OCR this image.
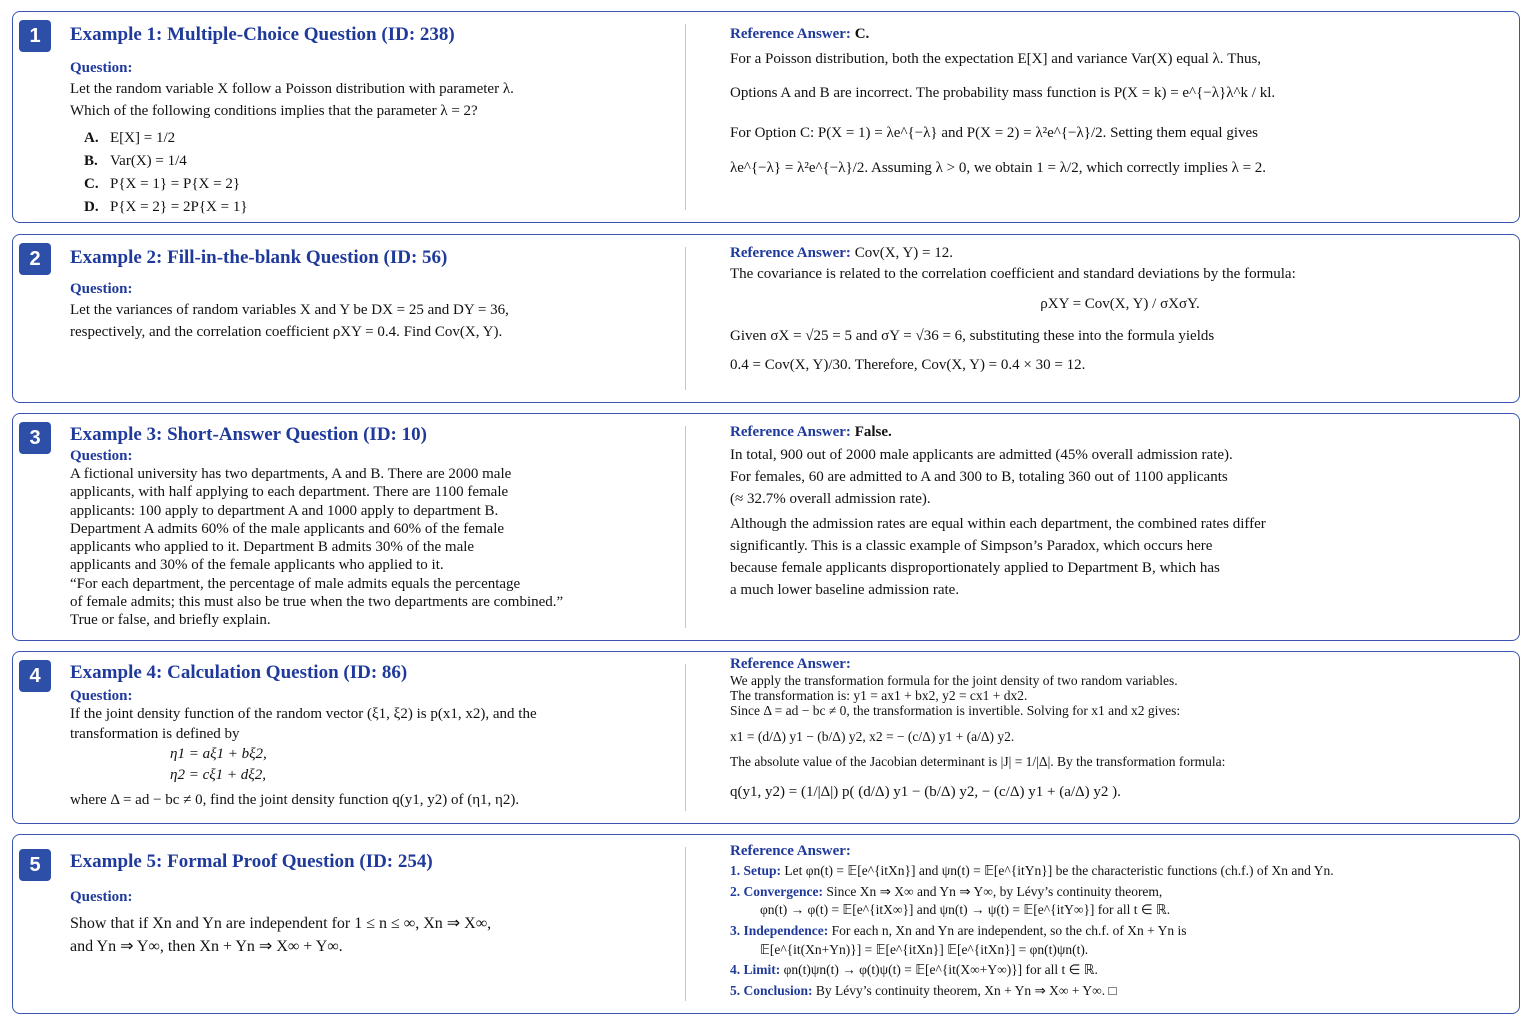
1	Example 1: Multiple-Choice Question (ID: 238)
Question:
Let the random variable X follow a Poisson distribution with parameter λ.
Which of the following conditions implies that the parameter λ = 2?
A. E[X] = 1/2
B. Var(X) = 1/4
C. P{X = 1} = P{X = 2}
D. P{X = 2} = 2P{X = 1}
Reference Answer: C.
For a Poisson distribution, both the expectation E[X] and variance Var(X) equal λ. Thus,
Options A and B are incorrect. The probability mass function is P(X = k) = e^{−λ}λ^k / kl.
For Option C: P(X = 1) = λe^{−λ} and P(X = 2) = λ²e^{−λ}/2. Setting them equal gives
λe^{−λ} = λ²e^{−λ}/2. Assuming λ > 0, we obtain 1 = λ/2, which correctly implies λ = 2.
2	Example 2: Fill-in-the-blank Question (ID: 56)
Question:
Let the variances of random variables X and Y be DX = 25 and DY = 36,
respectively, and the correlation coefficient ρXY = 0.4. Find Cov(X, Y).
Reference Answer: Cov(X, Y) = 12.
The covariance is related to the correlation coefficient and standard deviations by the formula:
ρXY = Cov(X, Y) / σXσY.
Given σX = √25 = 5 and σY = √36 = 6, substituting these into the formula yields
0.4 = Cov(X, Y)/30. Therefore, Cov(X, Y) = 0.4 × 30 = 12.
3	Example 3: Short-Answer Question (ID: 10)
Question:
A fictional university has two departments, A and B. There are 2000 male
applicants, with half applying to each department. There are 1100 female
applicants: 100 apply to department A and 1000 apply to department B.
Department A admits 60% of the male applicants and 60% of the female
applicants who applied to it. Department B admits 30% of the male
applicants and 30% of the female applicants who applied to it.
“For each department, the percentage of male admits equals the percentage
of female admits; this must also be true when the two departments are combined.”
True or false, and briefly explain.
Reference Answer: False.
In total, 900 out of 2000 male applicants are admitted (45% overall admission rate).
For females, 60 are admitted to A and 300 to B, totaling 360 out of 1100 applicants
(≈ 32.7% overall admission rate).
Although the admission rates are equal within each department, the combined rates differ
significantly. This is a classic example of Simpson’s Paradox, which occurs here
because female applicants disproportionately applied to Department B, which has
a much lower baseline admission rate.
4	Example 4: Calculation Question (ID: 86)
Question:
If the joint density function of the random vector (ξ1, ξ2) is p(x1, x2), and the
transformation is defined by
η1 = aξ1 + bξ2,
η2 = cξ1 + dξ2,
where Δ = ad − bc ≠ 0, find the joint density function q(y1, y2) of (η1, η2).
Reference Answer:
We apply the transformation formula for the joint density of two random variables.
The transformation is: y1 = ax1 + bx2, y2 = cx1 + dx2.
Since Δ = ad − bc ≠ 0, the transformation is invertible. Solving for x1 and x2 gives:
x1 = (d/Δ) y1 − (b/Δ) y2, x2 = − (c/Δ) y1 + (a/Δ) y2.
The absolute value of the Jacobian determinant is |J| = 1/|Δ|. By the transformation formula:
q(y1, y2) = (1/|Δ|) p( (d/Δ) y1 − (b/Δ) y2, − (c/Δ) y1 + (a/Δ) y2 ).
5	Example 5: Formal Proof Question (ID: 254)
Question:
Show that if Xn and Yn are independent for 1 ≤ n ≤ ∞, Xn ⇒ X∞,
and Yn ⇒ Y∞, then Xn + Yn ⇒ X∞ + Y∞.
Reference Answer:
1. Setup: Let φn(t) = 𝔼[e^{itXn}] and ψn(t) = 𝔼[e^{itYn}] be the characteristic functions (ch.f.) of Xn and Yn.
2. Convergence: Since Xn ⇒ X∞ and Yn ⇒ Y∞, by Lévy’s continuity theorem,
φn(t) → φ(t) = 𝔼[e^{itX∞}] and ψn(t) → ψ(t) = 𝔼[e^{itY∞}] for all t ∈ ℝ.
3. Independence: For each n, Xn and Yn are independent, so the ch.f. of Xn + Yn is
𝔼[e^{it(Xn+Yn)}] = 𝔼[e^{itXn}] 𝔼[e^{itXn}] = φn(t)ψn(t).
4. Limit: φn(t)ψn(t) → φ(t)ψ(t) = 𝔼[e^{it(X∞+Y∞)}] for all t ∈ ℝ.
5. Conclusion: By Lévy’s continuity theorem, Xn + Yn ⇒ X∞ + Y∞. □
